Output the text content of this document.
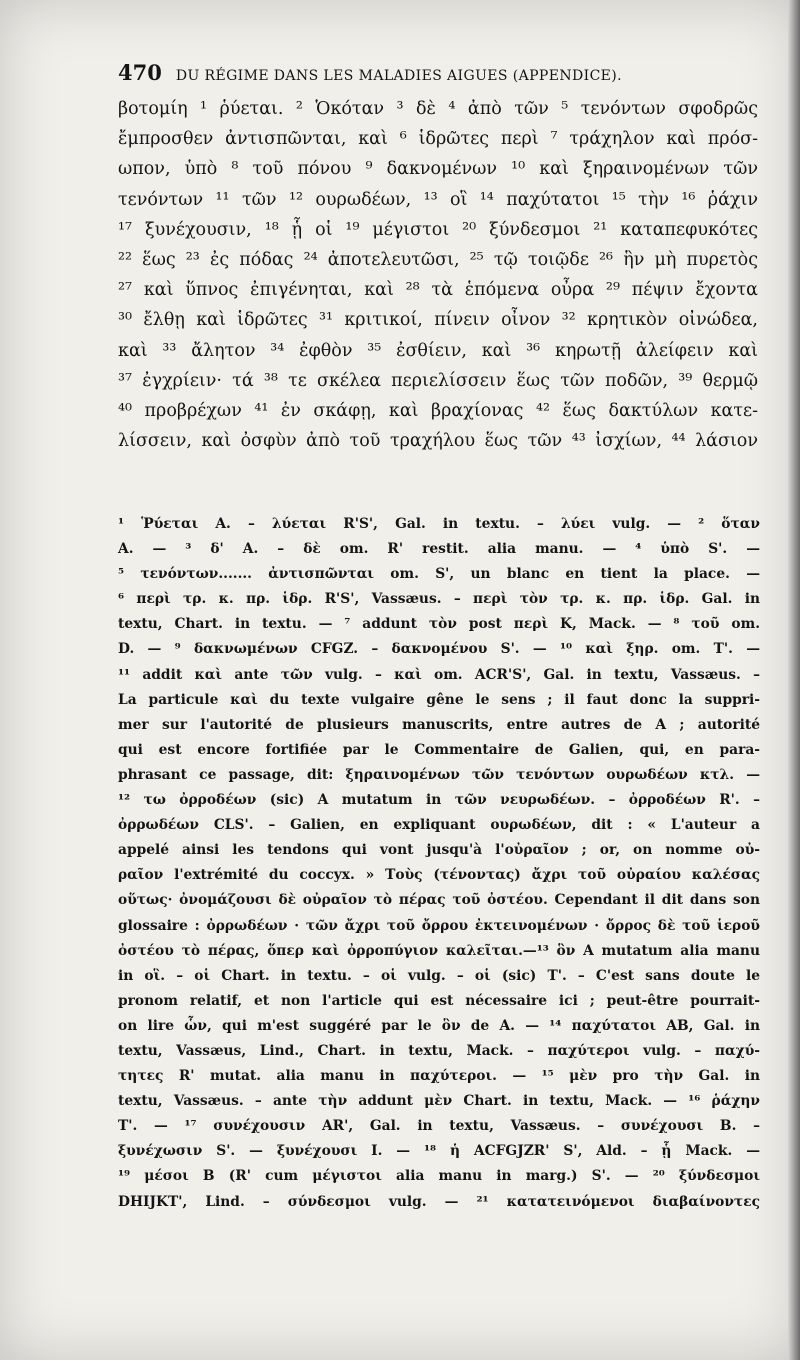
470 DU RÉGIME DANS LES MALADIES AIGUES (APPENDICE).
βοτομίη ¹ ῥύεται. ² Ὁκόταν ³ δὲ ⁴ ἀπὸ τῶν ⁵ τενόντων σφοδρῶς
ἔμπροσθεν ἀντισπῶνται, καὶ ⁶ ἱδρῶτες περὶ ⁷ τράχηλον καὶ πρόσ-
ωπον, ὑπὸ ⁸ τοῦ πόνου ⁹ δακνομένων ¹⁰ καὶ ξηραινομένων τῶν
τενόντων ¹¹ τῶν ¹² ουρωδέων, ¹³ οἳ ¹⁴ παχύτατοι ¹⁵ τὴν ¹⁶ ῥάχιν
¹⁷ ξυνέχουσιν, ¹⁸ ᾗ οἱ ¹⁹ μέγιστοι ²⁰ ξύνδεσμοι ²¹ καταπεφυκότες
²² ἕως ²³ ἐς πόδας ²⁴ ἀποτελευτῶσι, ²⁵ τῷ τοιῷδε ²⁶ ἣν μὴ πυρετὸς
²⁷ καὶ ὕπνος ἐπιγένηται, καὶ ²⁸ τὰ ἑπόμενα οὖρα ²⁹ πέψιν ἔχοντα
³⁰ ἔλθῃ καὶ ἱδρῶτες ³¹ κριτικοί, πίνειν οἶνον ³² κρητικὸν οἰνώδεα,
καὶ ³³ ἄλητον ³⁴ ἐφθὸν ³⁵ ἐσθίειν, καὶ ³⁶ κηρωτῇ ἀλείφειν καὶ
³⁷ ἐγχρίειν· τά ³⁸ τε σκέλεα περιελίσσειν ἕως τῶν ποδῶν, ³⁹ θερμῷ
⁴⁰ προβρέχων ⁴¹ ἐν σκάφῃ, καὶ βραχίονας ⁴² ἕως δακτύλων κατε-
λίσσειν, καὶ ὀσφὺν ἀπὸ τοῦ τραχήλου ἕως τῶν ⁴³ ἰσχίων, ⁴⁴ λάσιον
¹ Ῥύεται A. – λύεται R'S', Gal. in textu. – λύει vulg. — ² ὅταν
A. — ³ δ' A. – δὲ om. R' restit. alia manu. — ⁴ ὑπὸ S'. —
⁵ τενόντων....... ἀντισπῶνται om. S', un blanc en tient la place. —
⁶ περὶ τρ. κ. πρ. ἱδρ. R'S', Vassæus. – περὶ τὸν τρ. κ. πρ. ἱδρ. Gal. in
textu, Chart. in textu. — ⁷ addunt τὸν post περὶ K, Mack. — ⁸ τοῦ om.
D. — ⁹ δακνωμένων CFGZ. – δακνομένου S'. — ¹⁰ καὶ ξηρ. om. T'. —
¹¹ addit καὶ ante τῶν vulg. – καὶ om. ACR'S', Gal. in textu, Vassæus. –
La particule καὶ du texte vulgaire gêne le sens ; il faut donc la suppri-
mer sur l'autorité de plusieurs manuscrits, entre autres de A ; autorité
qui est encore fortifiée par le Commentaire de Galien, qui, en para-
phrasant ce passage, dit: ξηραινομένων τῶν τενόντων ουρωδέων κτλ. —
¹² τω ὀρροδέων (sic) A mutatum in τῶν νευρωδέων. – ὀρροδέων R'. –
ὀρρωδέων CLS'. – Galien, en expliquant ουρωδέων, dit : « L'auteur a
appelé ainsi les tendons qui vont jusqu'à l'οὐραῖον ; or, on nomme οὐ-
ραῖον l'extrémité du coccyx. » Τοὺς (τένοντας) ἄχρι τοῦ οὐραίου καλέσας
οὕτως· ὀνομάζουσι δὲ οὐραῖον τὸ πέρας τοῦ ὀστέου. Cependant il dit dans son
glossaire : ὀρρωδέων · τῶν ἄχρι τοῦ ὄρρου ἐκτεινομένων · ὄρρος δὲ τοῦ ἱεροῦ
ὀστέου τὸ πέρας, ὅπερ καὶ ὀρροπύγιον καλεῖται.—¹³ ὃν A mutatum alia manu
in οἳ. – οἱ Chart. in textu. – οἱ vulg. – οἱ (sic) T'. – C'est sans doute le
pronom relatif, et non l'article qui est nécessaire ici ; peut-être pourrait-
on lire ὧν, qui m'est suggéré par le ὃν de A. — ¹⁴ παχύτατοι AB, Gal. in
textu, Vassæus, Lind., Chart. in textu, Mack. – παχύτεροι vulg. – παχύ-
τητες R' mutat. alia manu in παχύτεροι. — ¹⁵ μὲν pro τὴν Gal. in
textu, Vassæus. – ante τὴν addunt μὲν Chart. in textu, Mack. — ¹⁶ ῥάχην
T'. — ¹⁷ συνέχουσιν AR', Gal. in textu, Vassæus. – συνέχουσι B. –
ξυνέχωσιν S'. — ξυνέχουσι I. — ¹⁸ ἡ ACFGJZR' S', Ald. – ᾗ Mack. —
¹⁹ μέσοι B (R' cum μέγιστοι alia manu in marg.) S'. — ²⁰ ξύνδεσμοι
DHIJKT', Lind. – σύνδεσμοι vulg. — ²¹ κατατεινόμενοι διαβαίνοντες
